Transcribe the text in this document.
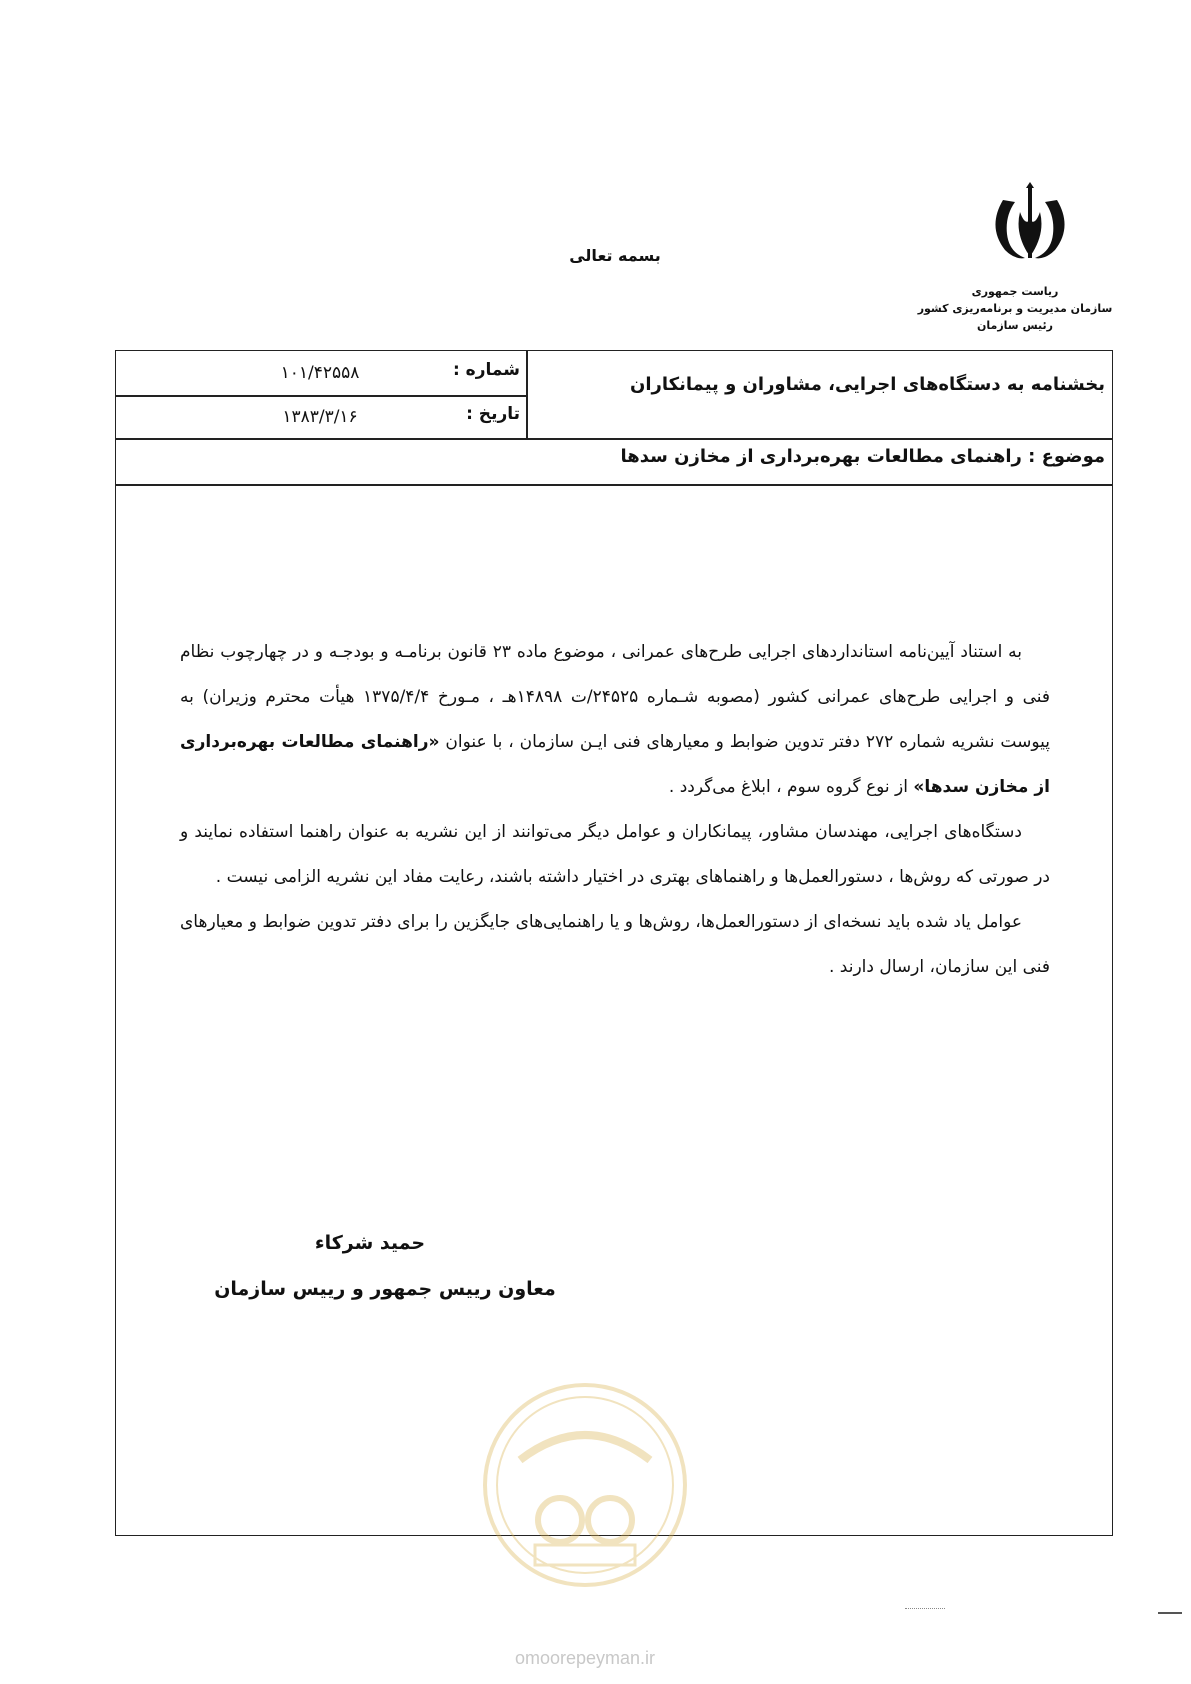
ریاست جمهوری
سازمان مدیریت و برنامه‌ریزی کشور
رئیس سازمان
بسمه تعالی
بخشنامه به دستگاه‌های اجرایی، مشاوران و پیمانکاران
شماره :
۱۰۱/۴۲۵۵۸
تاریخ :
۱۳۸۳/۳/۱۶
موضوع : راهنمای مطالعات بهره‌برداری از مخازن سدها

به استناد آیین‌نامه استانداردهای اجرایی طرح‌های عمرانی ، موضوع ماده ۲۳ قانون برنامـه و بودجـه و در چهارچوب نظام فنی و اجرایی طرح‌های عمرانی کشور (مصوبه شـماره ۲۴۵۲۵/ت ۱۴۸۹۸هـ ، مـورخ ۱۳۷۵/۴/۴ هیأت محترم وزیران) به پیوست نشریه شماره ۲۷۲ دفتر تدوین ضوابط و معیارهای فنی ایـن سازمان ، با عنوان «راهنمای مطالعات بهره‌برداری از مخازن سدها» از نوع گروه سوم ، ابلاغ می‌گردد .

دستگاه‌های اجرایی، مهندسان مشاور، پیمانکاران و عوامل دیگر می‌توانند از این نشریه به عنوان راهنما استفاده نمایند و در صورتی که روش‌ها ، دستورالعمل‌ها و راهنماهای بهتری در اختیار داشته باشند، رعایت مفاد این نشریه الزامی نیست .

عوامل یاد شده باید نسخه‌ای از دستورالعمل‌ها، روش‌ها و یا راهنمایی‌های جایگزین را برای دفتر تدوین ضوابط و معیارهای فنی این سازمان، ارسال دارند .

حمید شرکاء
معاون رییس جمهور و رییس سازمان
omoorepeyman.ir
